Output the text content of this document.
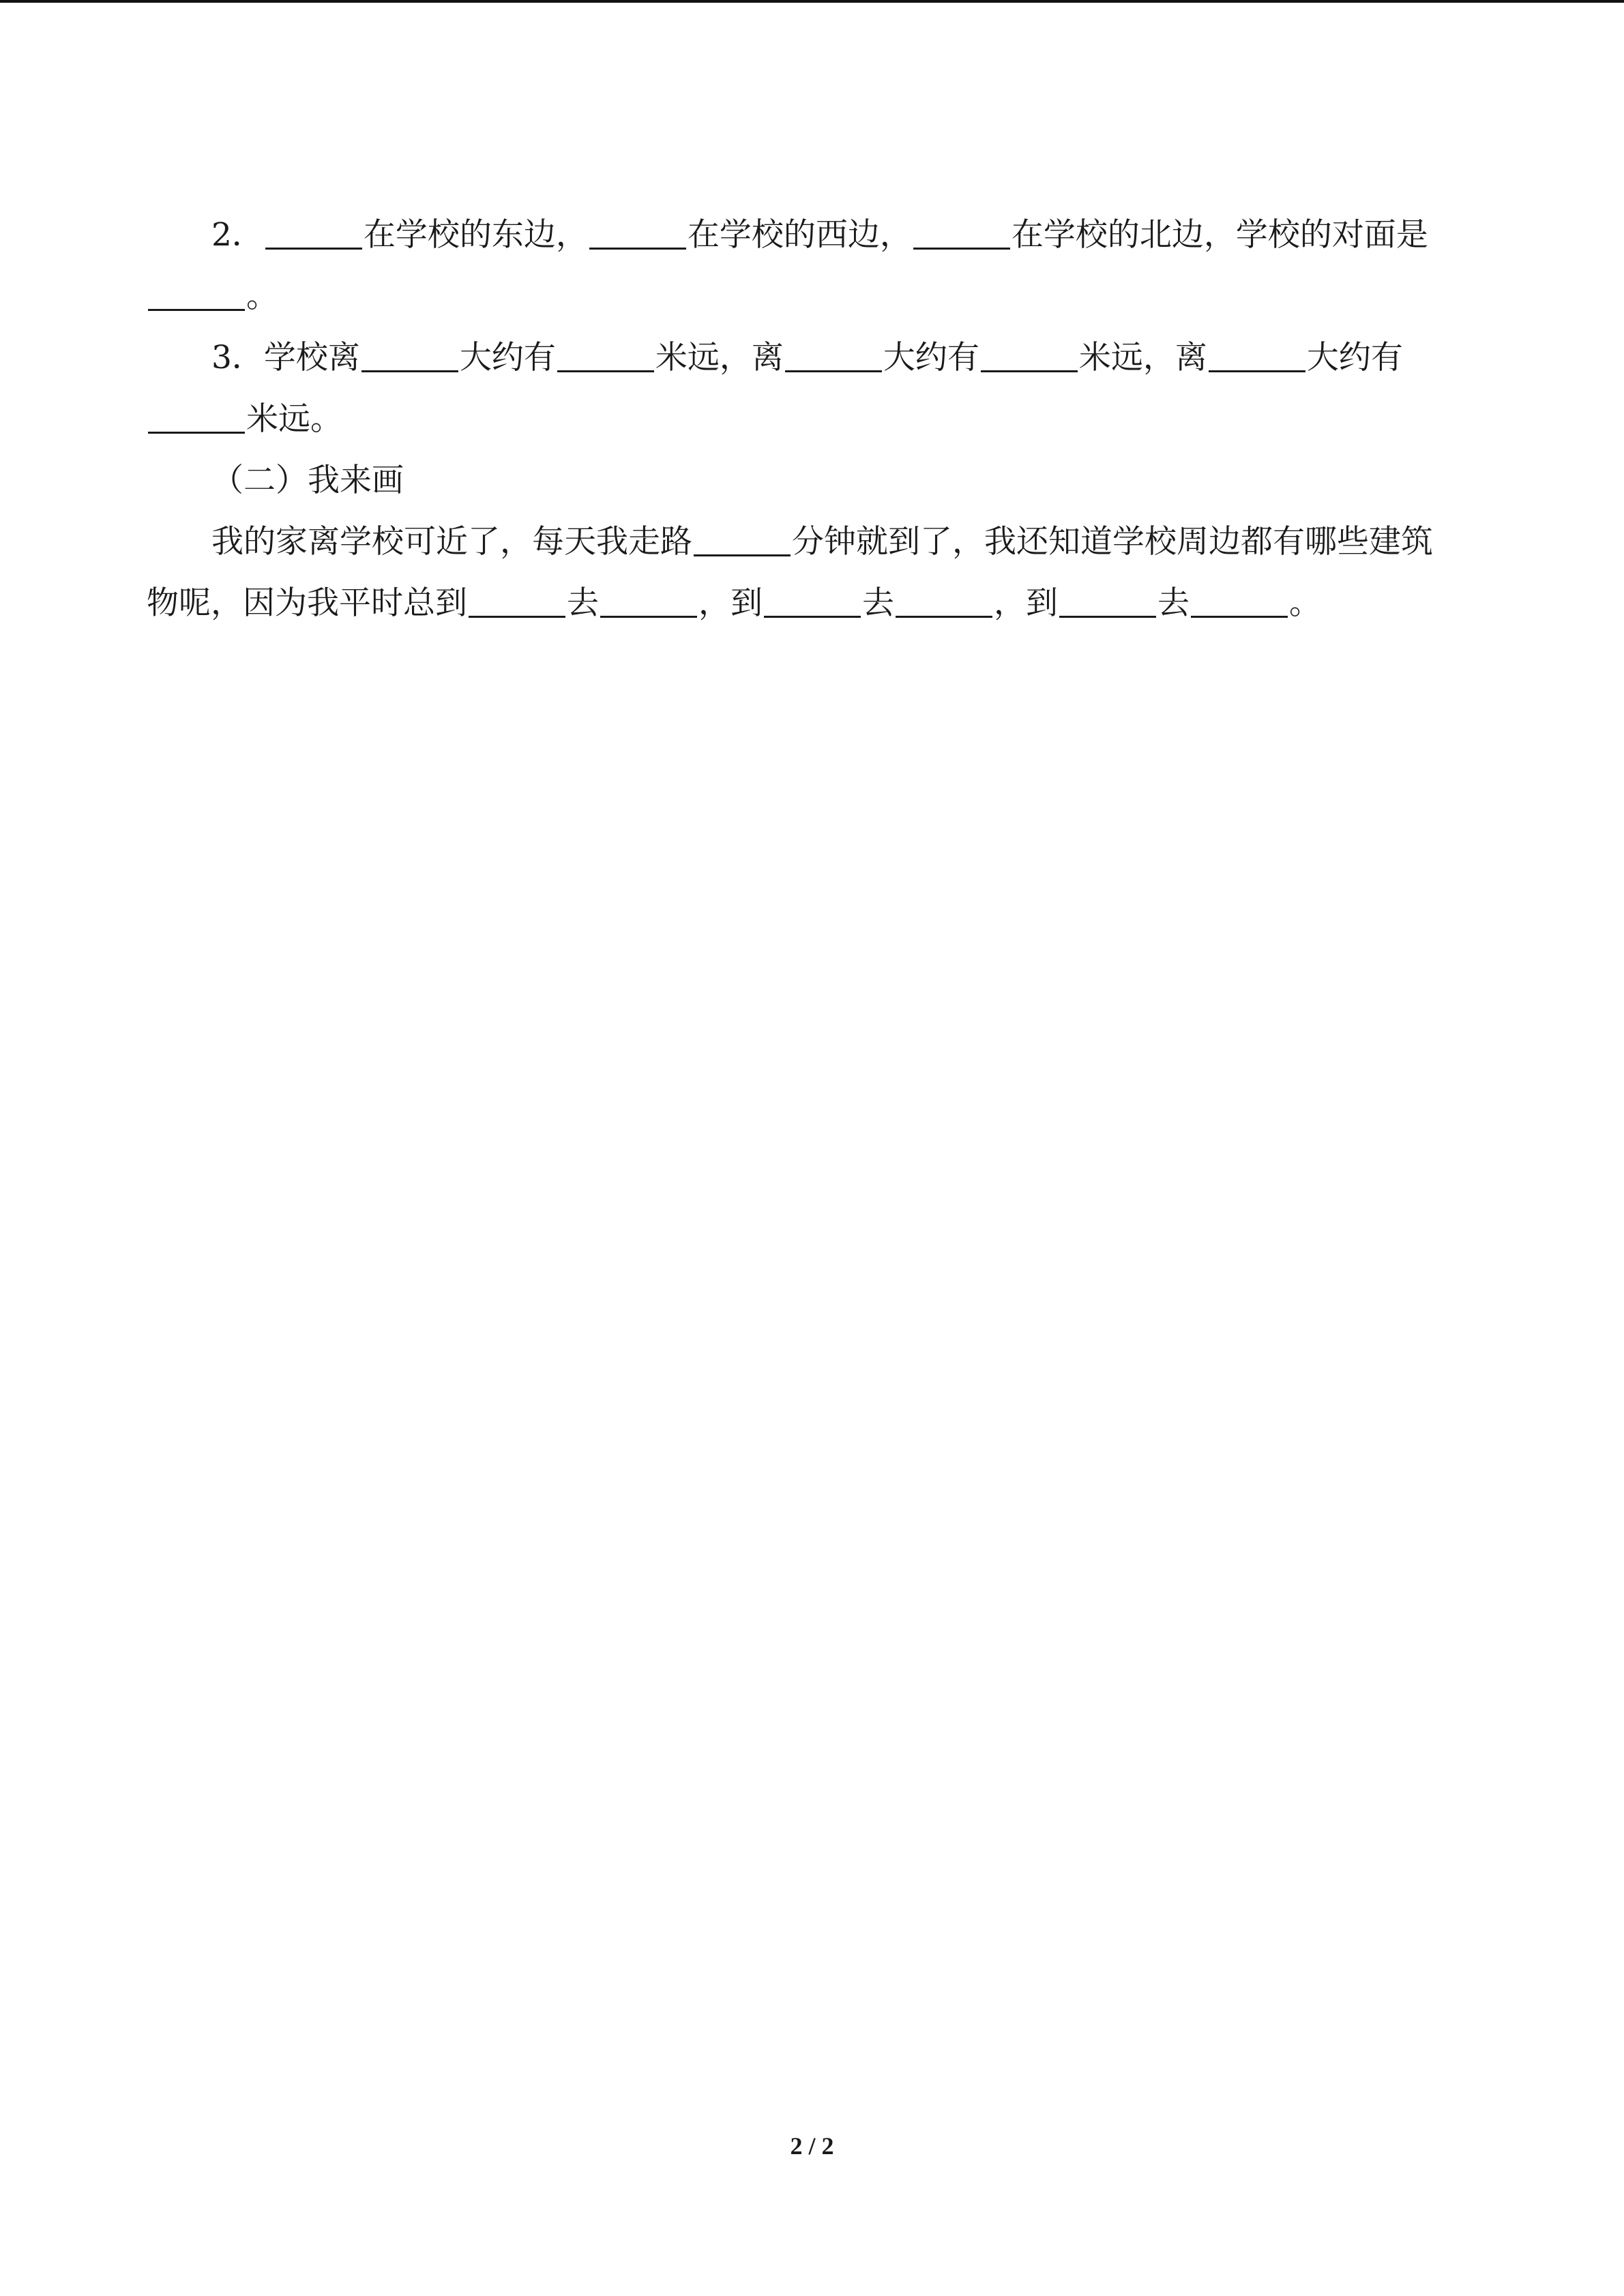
2．	在学校的东边，	在学校的西边，	在学校的北边，学校的对面是
。
3．学校离	大约有	米远，离	大约有	米远，离	大约有
米远。
（二）我来画
我的家离学校可近了，每天我走路	分钟就到了，我还知道学校周边都有哪些建筑
物呢，因为我平时总到	去	，到	去	，到	去	。
2 / 2
